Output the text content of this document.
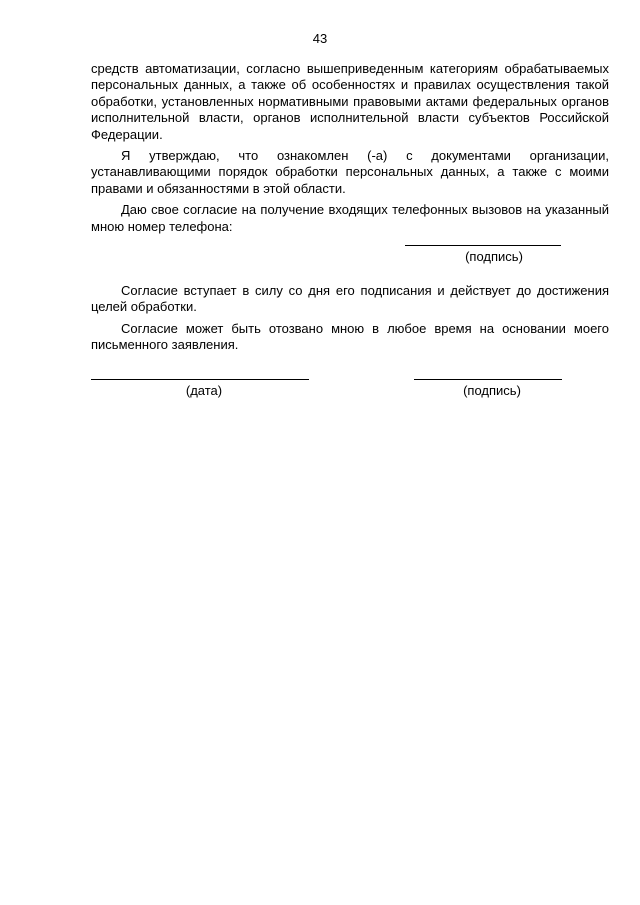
43

средств автоматизации, согласно вышеприведенным категориям обрабатываемых персональных данных, а также об особенностях и правилах осуществления такой обработки, установленных нормативными правовыми актами федеральных органов исполнительной власти, органов исполнительной власти субъектов Российской Федерации.

Я утверждаю, что ознакомлен (-а) с документами организации, устанавливающими порядок обработки персональных данных, а также с моими правами и обязанностями в этой области.

Даю свое согласие на получение входящих телефонных вызовов на указанный мною номер телефона:

(подпись)

Согласие вступает в силу со дня его подписания и действует до достижения целей обработки.

Согласие может быть отозвано мною в любое время на основании моего письменного заявления.

(дата)	(подпись)
